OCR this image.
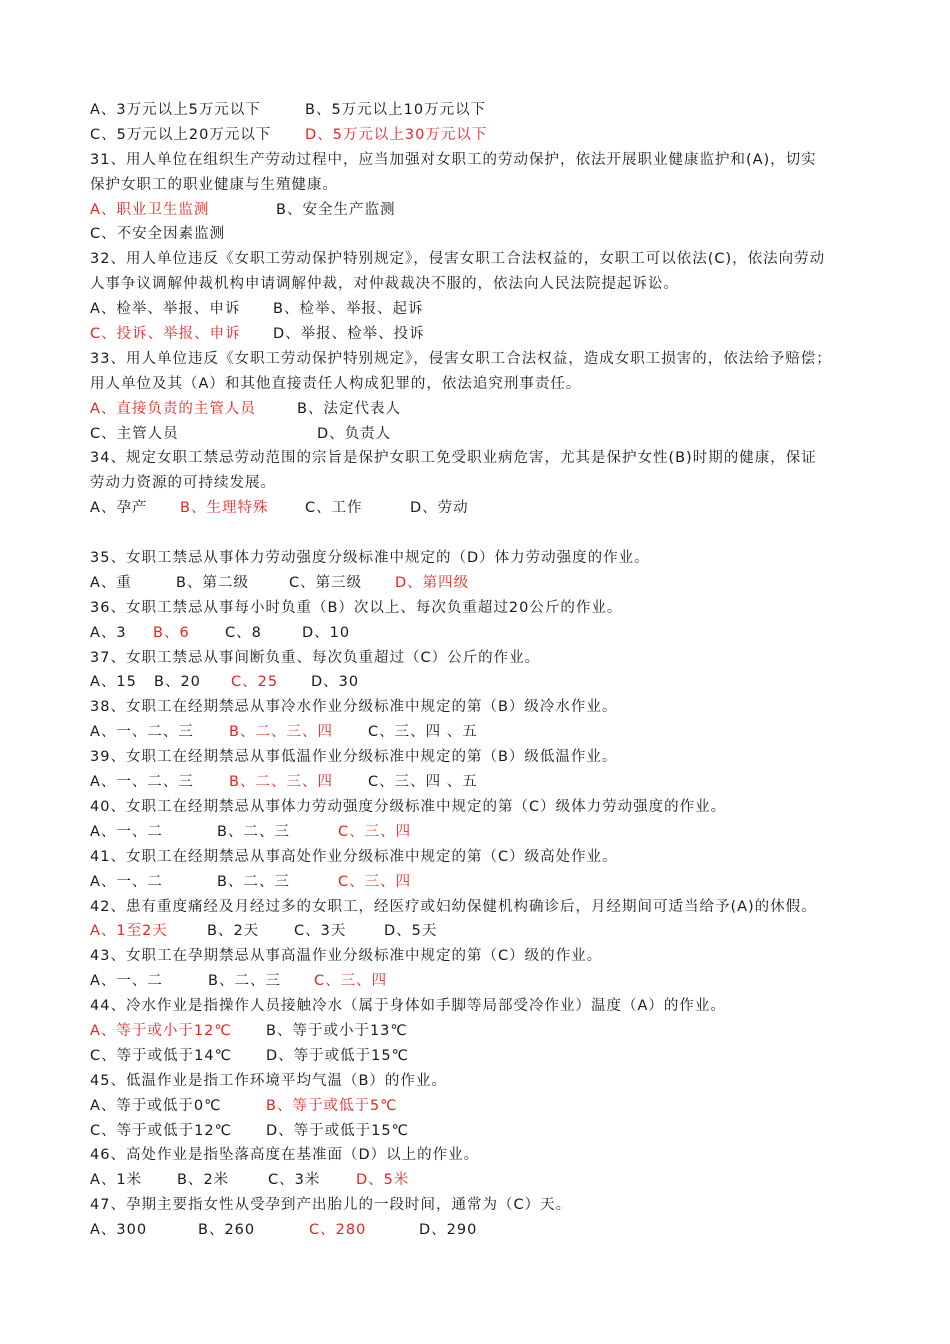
A、3万元以上5万元以下	B、5万元以上10万元以下
C、5万元以上20万元以下 D、5万元以上30万元以下
31、用人单位在组织生产劳动过程中，应当加强对女职工的劳动保护，依法开展职业健康监护和(A)，切实
保护女职工的职业健康与生殖健康。
A、职业卫生监测	B、安全生产监测
C、不安全因素监测
32、用人单位违反《女职工劳动保护特别规定》，侵害女职工合法权益的，女职工可以依法(C)，依法向劳动
人事争议调解仲裁机构申请调解仲裁，对仲裁裁决不服的，依法向人民法院提起诉讼。
A、检举、举报、申诉 B、检举、举报、起诉
C、投诉、举报、申诉 D、举报、检举、投诉
33、用人单位违反《女职工劳动保护特别规定》，侵害女职工合法权益，造成女职工损害的，依法给予赔偿；
用人单位及其（A）和其他直接责任人构成犯罪的，依法追究刑事责任。
A、直接负责的主管人员	B、法定代表人
C、主管人员	D、负责人
34、规定女职工禁忌劳动范围的宗旨是保护女职工免受职业病危害，尤其是保护女性(B)时期的健康，保证
劳动力资源的可持续发展。
A、孕产 B、生理特殊	C、工作	D、劳动
35、女职工禁忌从事体力劳动强度分级标准中规定的（D）体力劳动强度的作业。
A、重	B、第二级	C、第三级 D、第四级
36、女职工禁忌从事每小时负重（B）次以上、每次负重超过20公斤的作业。
A、3 B、6 C、8	D、10
37、女职工禁忌从事间断负重、每次负重超过（C）公斤的作业。
A、15 B、20 C、25 D、30
38、女职工在经期禁忌从事冷水作业分级标准中规定的第（B）级冷水作业。
A、一、二、三 B、二、三、四 C、三、四 、五
39、女职工在经期禁忌从事低温作业分级标准中规定的第（B）级低温作业。
A、一、二、三 B、二、三、四 C、三、四 、五
40、女职工在经期禁忌从事体力劳动强度分级标准中规定的第（C）级体力劳动强度的作业。
A、一、二	B、二、三	C、三、四
41、女职工在经期禁忌从事高处作业分级标准中规定的第（C）级高处作业。
A、一、二	B、二、三	C、三、四
42、患有重度痛经及月经过多的女职工，经医疗或妇幼保健机构确诊后，月经期间可适当给予(A)的休假。
A、1至2天	B、2天 C、3天	D、5天
43、女职工在孕期禁忌从事高温作业分级标准中规定的第（C）级的作业。
A、一、二	B、二、三 C、三、四
44、冷水作业是指操作人员接触冷水（属于身体如手脚等局部受冷作业）温度（A）的作业。
A、等于或小于12℃ B、等于或小于13℃
C、等于或低于14℃ D、等于或低于15℃
45、低温作业是指工作环境平均气温（B）的作业。
A、等于或低于0℃	B、等于或低于5℃
C、等于或低于12℃ D、等于或低于15℃
46、高处作业是指坠落高度在基准面（D）以上的作业。
A、1米 B、2米	C、3米 D、5米
47、孕期主要指女性从受孕到产出胎儿的一段时间，通常为（C）天。
A、300	B、260	C、280	D、290
